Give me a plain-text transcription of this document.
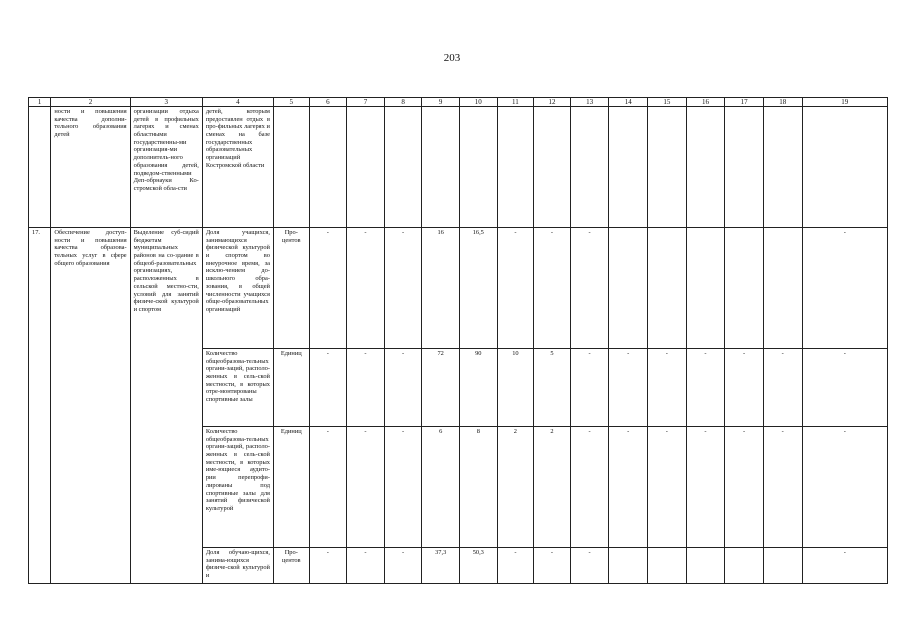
203
1	2	3	4	5	6	7	8	9	10	11	12	13	14	15	16	17	18	19
	ности и повышения качества дополни-тельного образования детей	организации отдыха детей в профильных лагерях и сменах областными государственны-ми организация-ми дополнитель-ного образования детей, подведом-ственными Деп-обрнауки Ко-стромской обла-сти	детей, которым предоставлен отдых в про-фильных лагерях и сменах на базе государственных образовательных организаций Костромской области															
17.	Обеспечение доступ-ности и повышения качества образова-тельных услуг в сфере общего образования	Выделение суб-сидий бюджетам муниципальных районов на со-здание в общеоб-разовательных организациях, расположенных в сельской местно-сти, условий для занятий физиче-ской культурой и спортом	Доля учащихся, занимающихся физической культурой и спортом во внеурочное время, за исклю-чением до-школьного обра-зования, в общей численности учащихся обще-образовательных организаций	Про-центов	-	-	-	16	16,5	-	-	-						-
			Количество общеобразова-тельных органи-заций, располо-женных в сель-ской местности, в которых отре-монтированы спортивные залы	Единиц	-	-	-	72	90	10	5	-	-	-	-	-	-	-
			Количество общеобразова-тельных органи-заций, располо-женных в сель-ской местности, в которых име-ющиеся аудито-рии перепрофи-лированы под спортивные залы для занятий физической культурой	Единиц	-	-	-	6	8	2	2	-	-	-	-	-	-	-
			Доля обучаю-щихся, занима-ющихся физиче-ской культурой и	Про-центов	-	-	-	37,3	50,3	-	-	-						-
